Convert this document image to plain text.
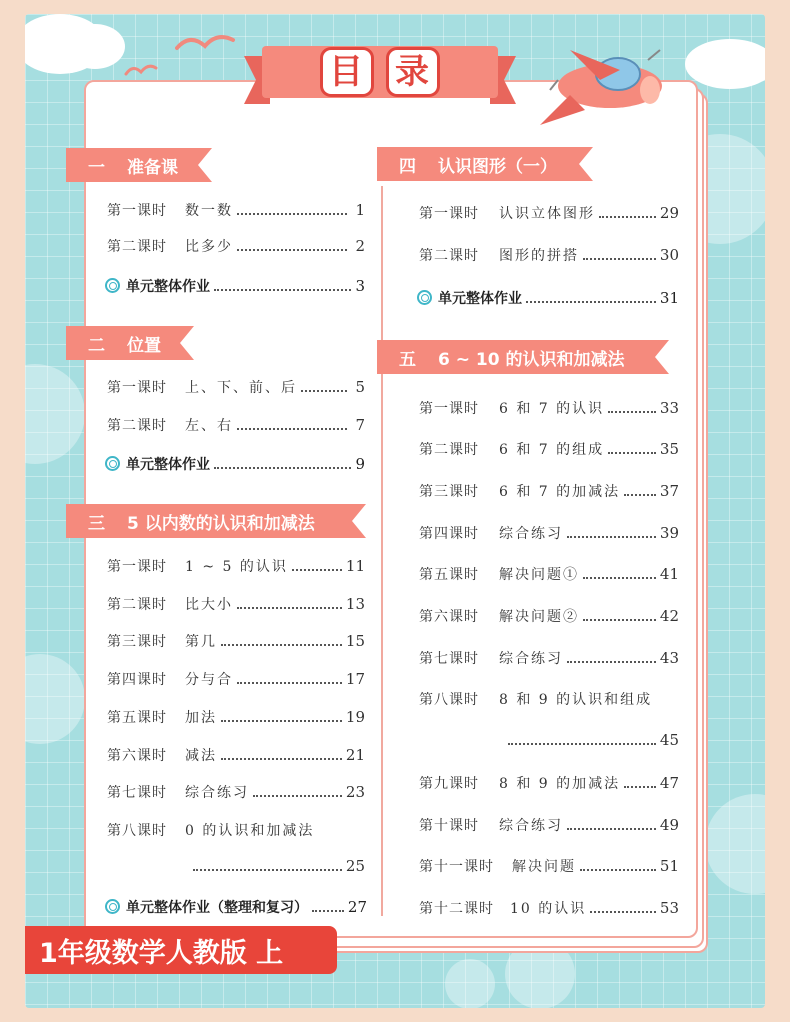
目 录
一 准备课
第一课时 数一数	1
第二课时 比多少	2
单元整体作业	3
二 位置
第一课时 上、下、前、后	5
第二课时 左、右	7
单元整体作业	9
三 5 以内数的认识和加减法
第一课时 1 ~ 5 的认识	11
第二课时 比大小	13
第三课时 第几	15
第四课时 分与合	17
第五课时 加法	19
第六课时 减法	21
第七课时 综合练习	23
第八课时 0 的认识和加减法
25
单元整体作业（整理和复习）	27
四 认识图形（一）
第一课时 认识立体图形	29
第二课时 图形的拼搭	30
单元整体作业	31
五 6 ~ 10 的认识和加减法
第一课时 6 和 7 的认识	33
第二课时 6 和 7 的组成	35
第三课时 6 和 7 的加减法	37
第四课时 综合练习	39
第五课时 解决问题①	41
第六课时 解决问题②	42
第七课时 综合练习	43
第八课时 8 和 9 的认识和组成
45
第九课时 8 和 9 的加减法	47
第十课时 综合练习	49
第十一课时 解决问题	51
第十二课时 10 的认识	53
1年级数学人教版 上
